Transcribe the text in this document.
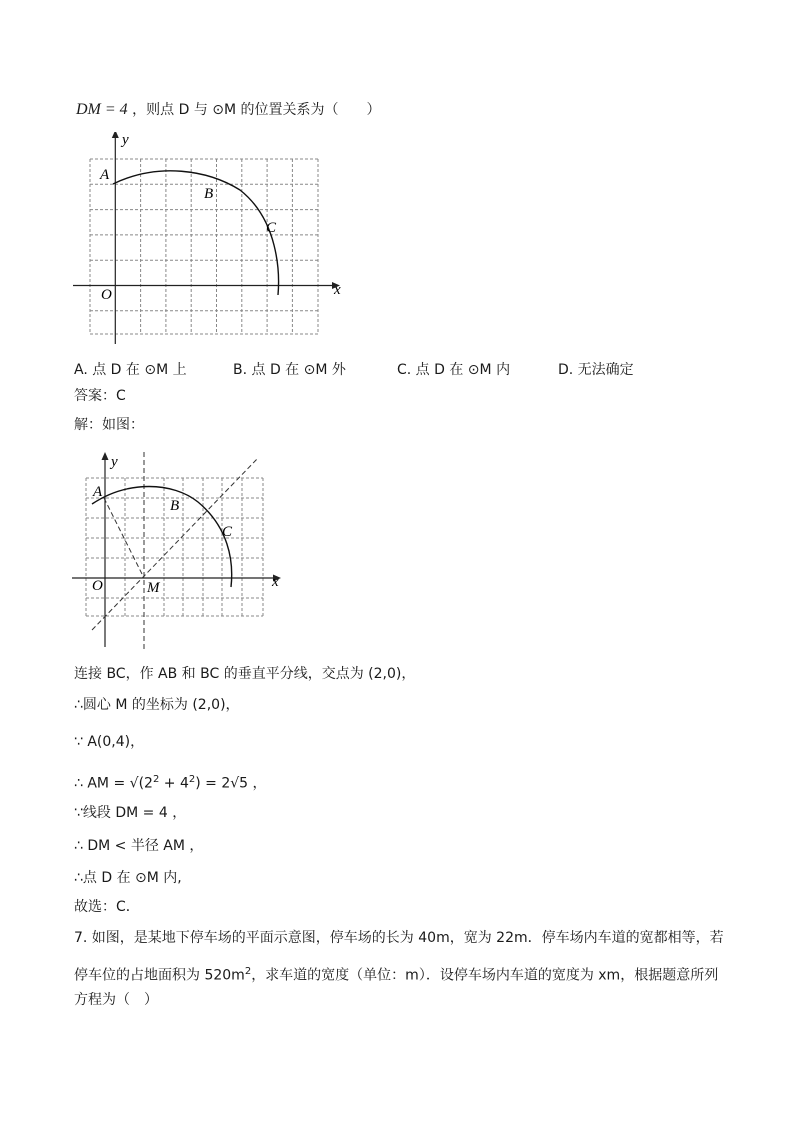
DM = 4 ，则点 D 与 ⊙M 的位置关系为（　　）
y
x
A
B
C
O
A. 点 D 在 ⊙M 上	B. 点 D 在 ⊙M 外	C. 点 D 在 ⊙M 内	D. 无法确定
答案：C
解：如图：
y
x
A
B
C
O	M
连接 BC，作 AB 和 BC 的垂直平分线，交点为 (2,0)，
∴圆心 M 的坐标为 (2,0)，
∵ A(0,4)，
∴ AM = $√(2^2 + 4^2) = 2√5$ ，
∵线段 DM = 4 ，
∴ DM < 半径 AM ，
∴点 D 在 ⊙M 内,
故选：C．
7. 如图，是某地下停车场的平面示意图，停车场的长为 40m，宽为 22m．停车场内车道的宽都相等，若
停车位的占地面积为 $520m^2$，求车道的宽度（单位：m）．设停车场内车道的宽度为 xm，根据题意所列
方程为（　）
